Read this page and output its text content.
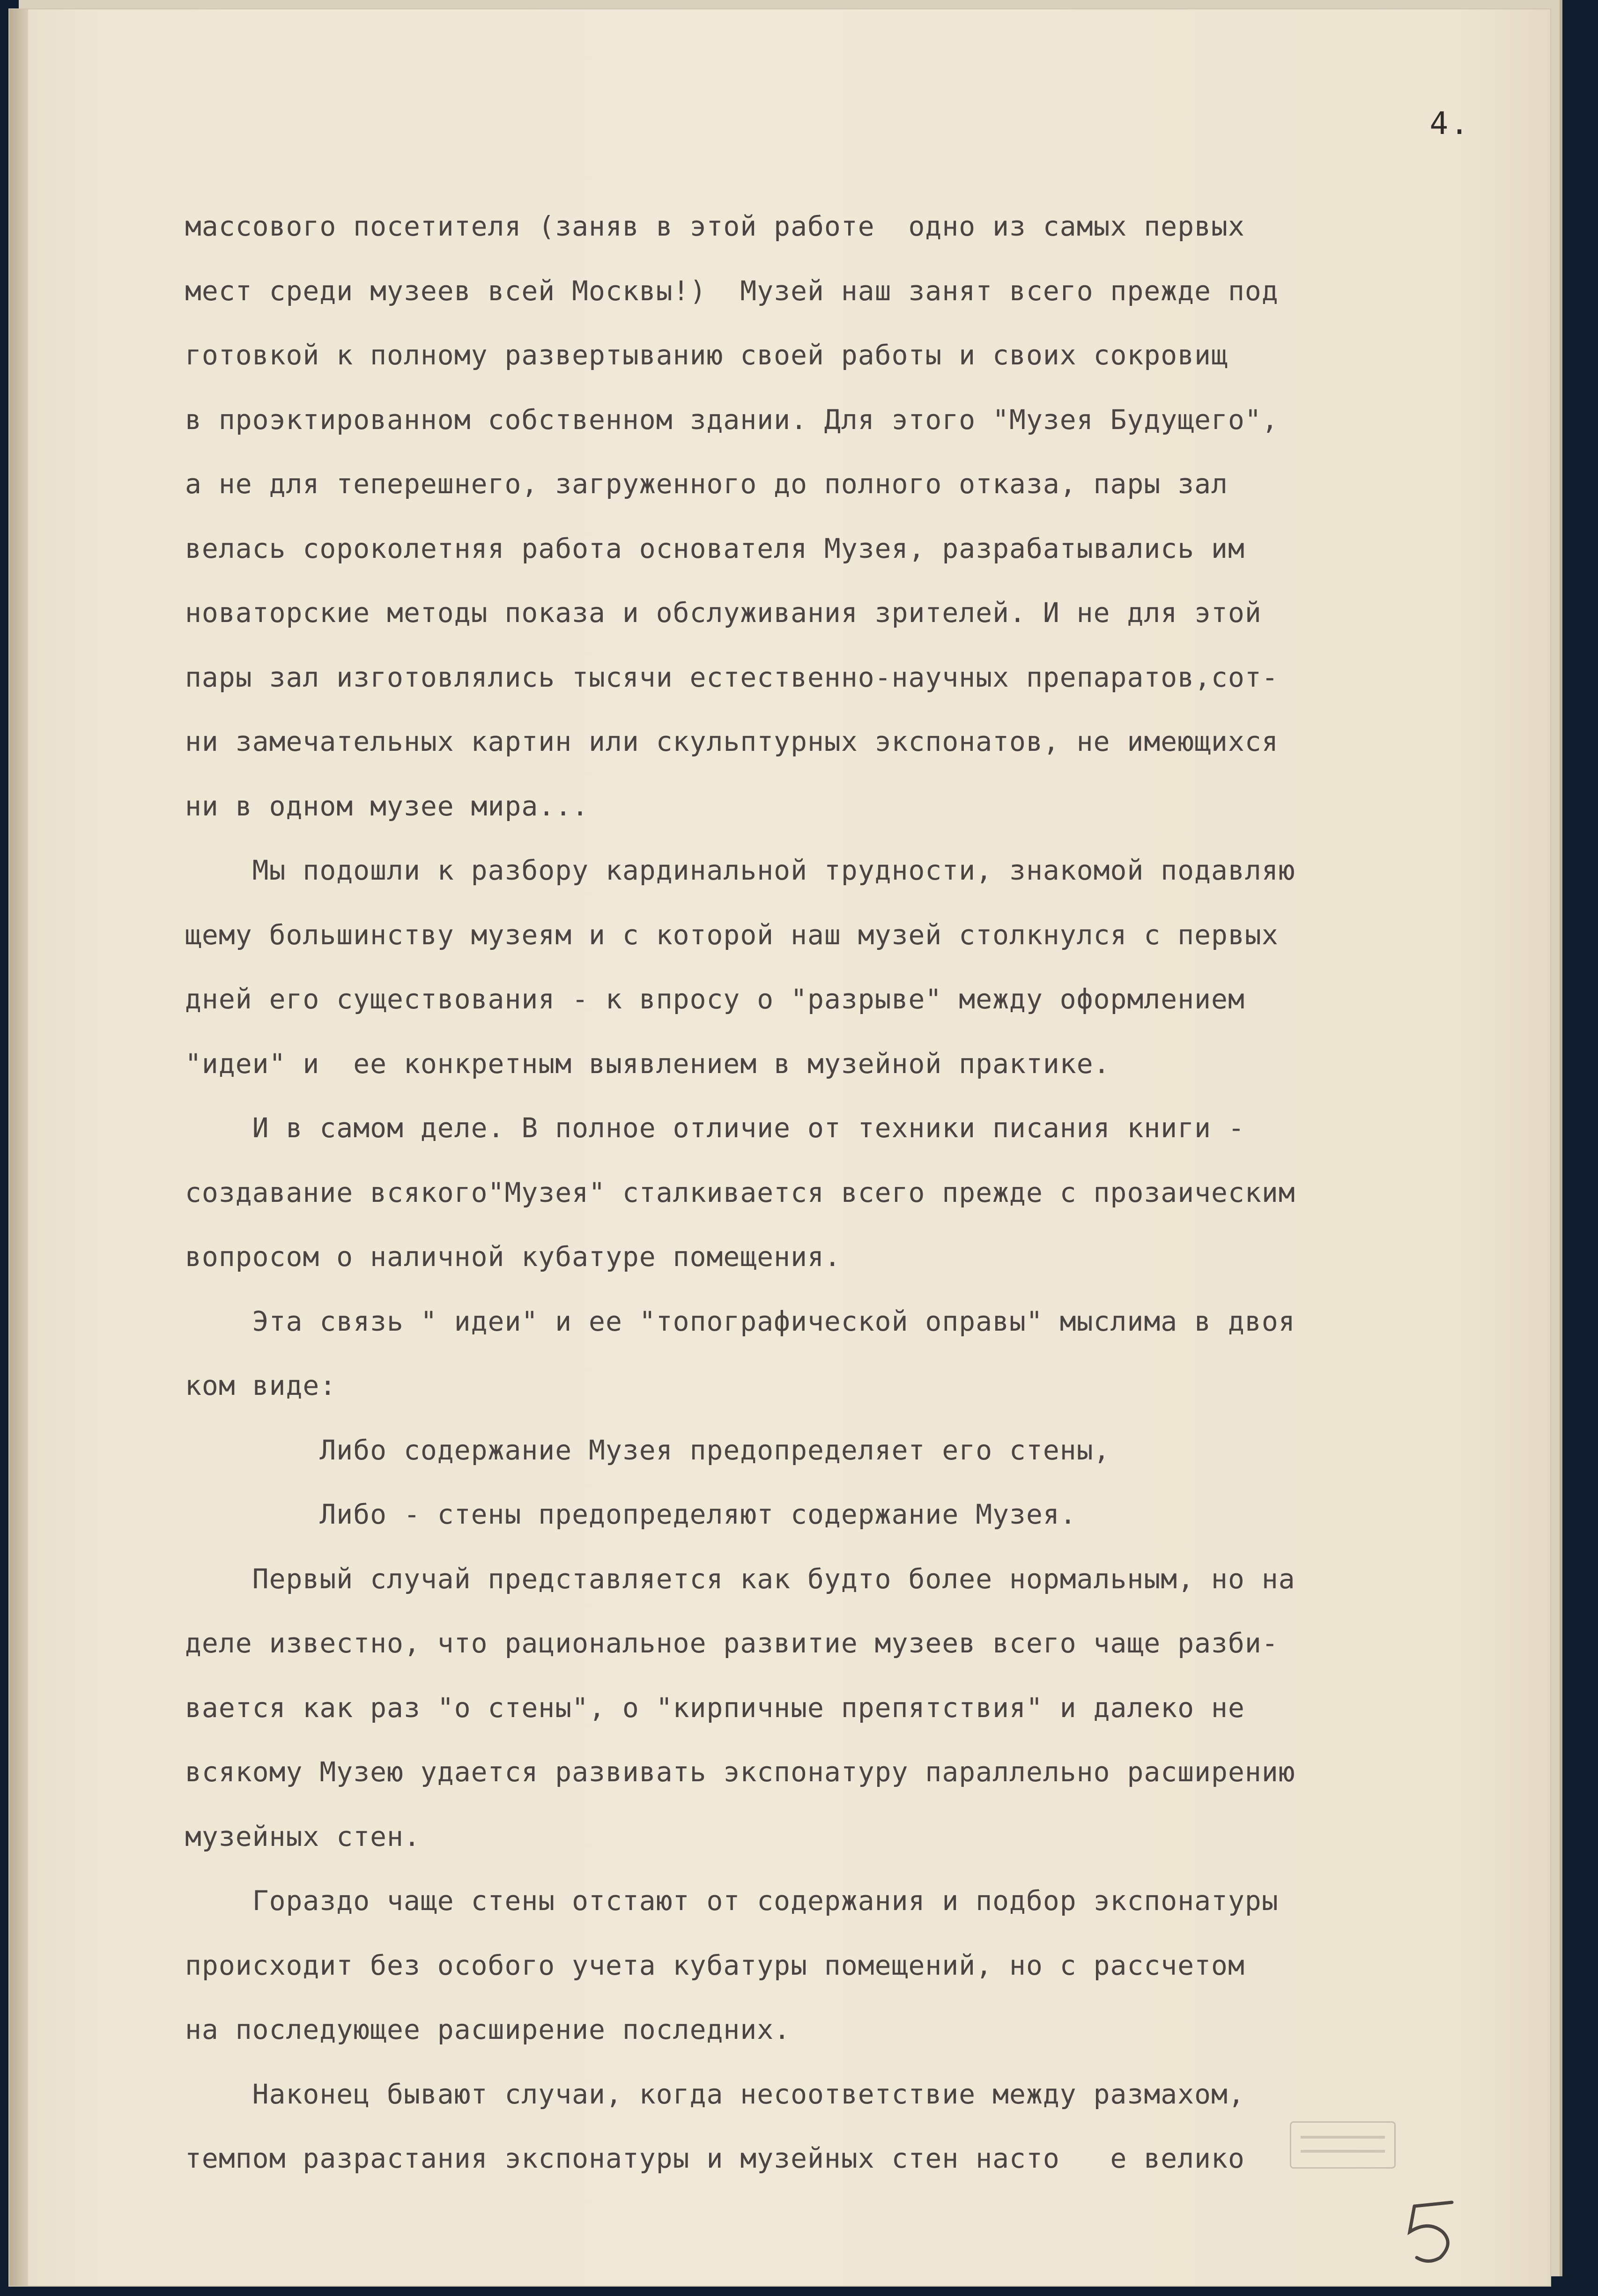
4.
массового посетителя (заняв в этой работе  одно из самых первых
мест среди музеев всей Москвы!)  Музей наш занят всего прежде под
готовкой к полному развертыванию своей работы и своих сокровищ
в проэктированном собственном здании. Для этого "Музея Будущего",
а не для теперешнего, загруженного до полного отказа, пары зал
велась сороколетняя работа основателя Музея, разрабатывались им
новаторские методы показа и обслуживания зрителей. И не для этой
пары зал изготовлялись тысячи естественно-научных препаратов,сот-
ни замечательных картин или скульптурных экспонатов, не имеющихся
ни в одном музее мира...
Мы подошли к разбору кардинальной трудности, знакомой подавляю
щему большинству музеям и с которой наш музей столкнулся с первых
дней его существования - к впросу о "разрыве" между оформлением
"идеи" и  ее конкретным выявлением в музейной практике.
И в самом деле. В полное отличие от техники писания книги -
создавание всякого"Музея" сталкивается всего прежде с прозаическим
вопросом о наличной кубатуре помещения.
Эта связь " идеи" и ее "топографической оправы" мыслима в двоя
ком виде:
Либо содержание Музея предопределяет его стены,
Либо - стены предопределяют содержание Музея.
Первый случай представляется как будто более нормальным, но на
деле известно, что рациональное развитие музеев всего чаще разби-
вается как раз "о стены", о "кирпичные препятствия" и далеко не
всякому Музею удается развивать экспонатуру параллельно расширению
музейных стен.
Гораздо чаще стены отстают от содержания и подбор экспонатуры
происходит без особого учета кубатуры помещений, но с рассчетом
на последующее расширение последних.
Наконец бывают случаи, когда несоответствие между размахом,
темпом разрастания экспонатуры и музейных стен насто   е велико
